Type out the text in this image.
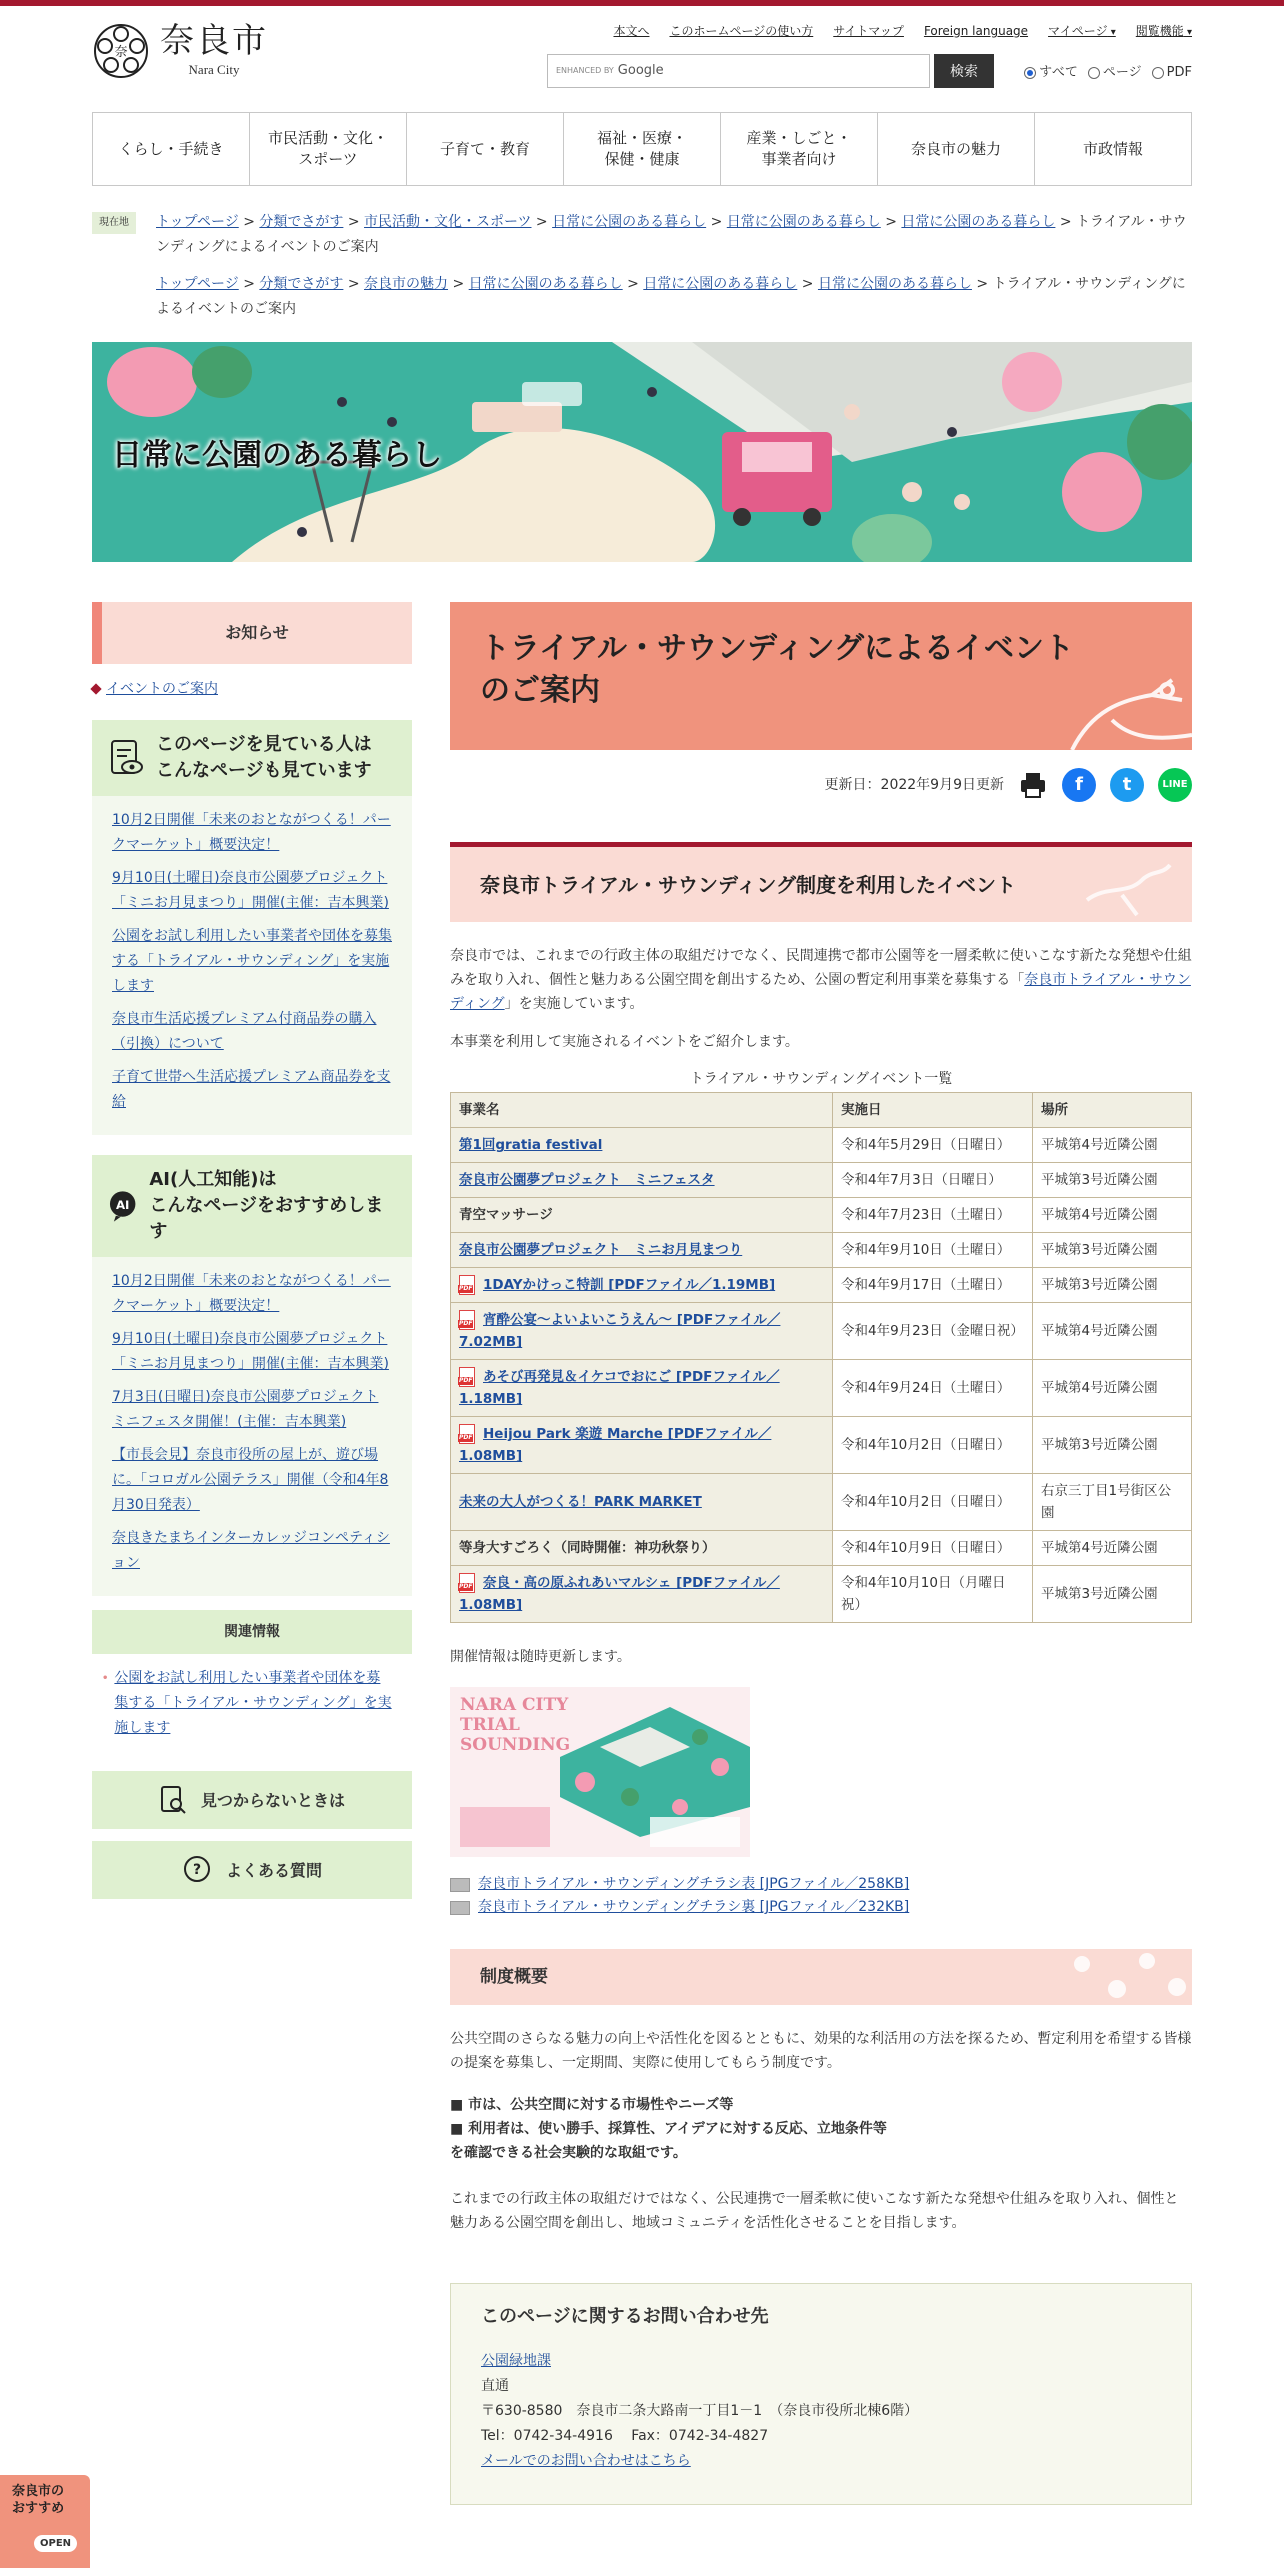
奈 奈良市
Nara City
本文へ このホームページの使い方 サイトマップ Foreign language マイページ ▾	閲覧機能 ▾
ENHANCED BY Google	検索	すべて ページ PDF
くらし・手続き
市民活動・文化・
スポーツ
子育て・教育
福祉・医療・
保健・健康
産業・しごと・
事業者向け
奈良市の魅力	市政情報
現在地	トップページ > 分類でさがす > 市民活動・文化・スポーツ > 日常に公園のある暮らし > 日常に公園のある暮らし > 日常に公園のある暮らし > トライアル・サウンディングによるイベントのご案内
トップページ > 分類でさがす > 奈良市の魅力 > 日常に公園のある暮らし > 日常に公園のある暮らし > 日常に公園のある暮らし > トライアル・サウンディングによるイベントのご案内
日常に公園のある暮らし
お知らせ
イベントのご案内
このページを見ている人は
こんなページも見ています
10月2日開催「未来のおとながつくる！パークマーケット」概要決定！
9月10日(土曜日)奈良市公園夢プロジェクト「ミニお月見まつり」開催(主催：吉本興業)
公園をお試し利用したい事業者や団体を募集する「トライアル・サウンディング」を実施します
奈良市生活応援プレミアム付商品券の購入（引換）について
子育て世帯へ生活応援プレミアム商品券を支給
AI
AI(人工知能)は
こんなページをおすすめします
10月2日開催「未来のおとながつくる！パークマーケット」概要決定！
9月10日(土曜日)奈良市公園夢プロジェクト「ミニお月見まつり」開催(主催：吉本興業)
7月3日(日曜日)奈良市公園夢プロジェクトミニフェスタ開催！(主催：吉本興業)
【市長会見】奈良市役所の屋上が、遊び場に。「コロガル公園テラス」開催（令和4年8月30日発表）
奈良きたまちインターカレッジコンペティション
関連情報
• 公園をお試し利用したい事業者や団体を募集する「トライアル・サウンディング」を実施します
見つからないときは
? よくある質問
トライアル・サウンディングによるイベント
のご案内
更新日：2022年9月9日更新	f	t	LINE
奈良市トライアル・サウンディング制度を利用したイベント

奈良市では、これまでの行政主体の取組だけでなく、民間連携で都市公園等を一層柔軟に使いこなす新たな発想や仕組みを取り入れ、個性と魅力ある公園空間を創出するため、公園の暫定利用事業を募集する「奈良市トライアル・サウンディング」を実施しています。

本事業を利用して実施されるイベントをご紹介します。

トライアル・サウンディングイベント一覧
事業名	実施日	場所
第1回gratia festival	令和4年5月29日（日曜日）	平城第4号近隣公園
奈良市公園夢プロジェクト　ミニフェスタ	令和4年7月3日（日曜日）	平城第3号近隣公園
青空マッサージ	令和4年7月23日（土曜日）	平城第4号近隣公園
奈良市公園夢プロジェクト　ミニお月見まつり	令和4年9月10日（土曜日）	平城第3号近隣公園
PDF1DAYかけっこ特訓 [PDFファイル／1.19MB]	令和4年9月17日（土曜日）	平城第3号近隣公園
PDF宵酔公宴～よいよいこうえん～ [PDFファイル／7.02MB]	令和4年9月23日（金曜日祝）	平城第4号近隣公園
PDFあそび再発見＆イケコでおにご [PDFファイル／1.18MB]	令和4年9月24日（土曜日）	平城第4号近隣公園
PDFHeijou Park 楽遊 Marche [PDFファイル／1.08MB]	令和4年10月2日（日曜日）	平城第3号近隣公園
未来の大人がつくる！PARK MARKET	令和4年10月2日（日曜日）	右京三丁目1号街区公園
等身大すごろく（同時開催：神功秋祭り）	令和4年10月9日（日曜日）	平城第4号近隣公園
PDF奈良・高の原ふれあいマルシェ [PDFファイル／1.08MB]	令和4年10月10日（月曜日祝）	平城第3号近隣公園

開催情報は随時更新します。

NARA CITY
TRIAL
SOUNDING
奈良市トライアル・サウンディングチラシ表 [JPGファイル／258KB]
奈良市トライアル・サウンディングチラシ裏 [JPGファイル／232KB]
制度概要

公共空間のさらなる魅力の向上や活性化を図るとともに、効果的な利活用の方法を探るため、暫定利用を希望する皆様の提案を募集し、一定期間、実際に使用してもらう制度です。

■ 市は、公共空間に対する市場性やニーズ等
■ 利用者は、使い勝手、採算性、アイデアに対する反応、立地条件等
を確認できる社会実験的な取組です。

これまでの行政主体の取組だけではなく、公民連携で一層柔軟に使いこなす新たな発想や仕組みを取り入れ、個性と魅力ある公園空間を創出し、地域コミュニティを活性化させることを目指します。

このページに関するお問い合わせ先
公園緑地課
直通
〒630-8580　奈良市二条大路南一丁目1－1　（奈良市役所北棟6階）
Tel：0742-34-4916　 Fax：0742-34-4827
メールでのお問い合わせはこちら
奈良市の
おすすめ
OPEN
